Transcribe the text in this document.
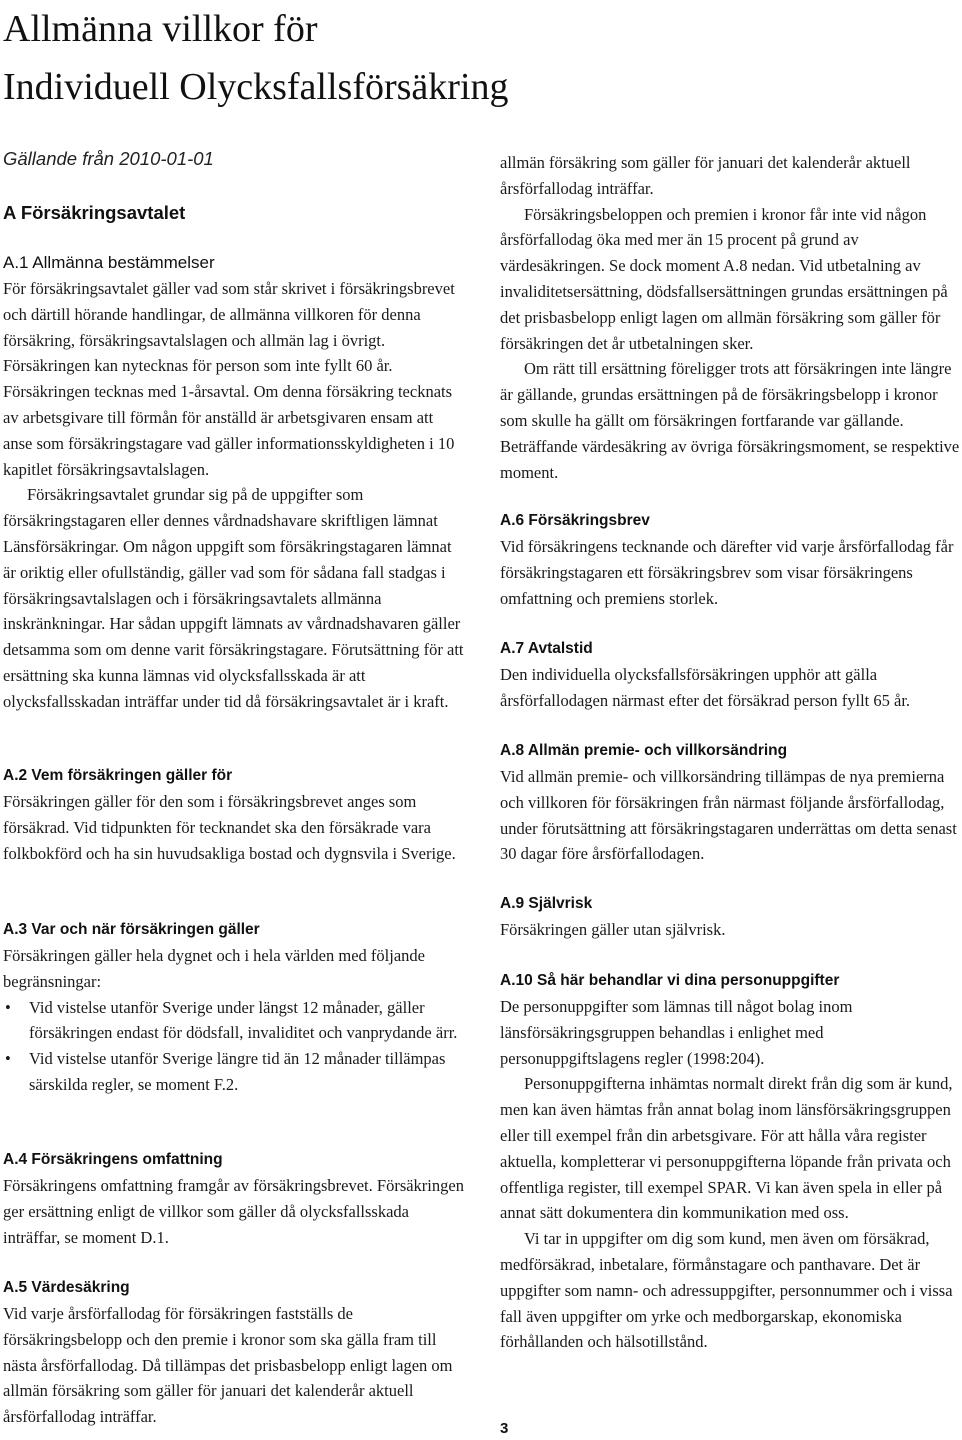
Allmänna villkor för
Individuell Olycksfallsförsäkring
Gällande från 2010-01-01
A Försäkringsavtalet
A.1 Allmänna bestämmelser

För försäkringsavtalet gäller vad som står skrivet i försäkringsbrevet och därtill hörande handlingar, de allmänna villkoren för denna försäkring, försäkringsavtalslagen och allmän lag i övrigt. Försäkringen kan nytecknas för person som inte fyllt 60 år. Försäkringen tecknas med 1-årsavtal. Om denna försäkring tecknats av arbetsgivare till förmån för anställd är arbetsgivaren ensam att anse som försäkringstagare vad gäller informationsskyldigheten i 10 kapitlet försäkringsavtalslagen.

Försäkringsavtalet grundar sig på de uppgifter som försäkringstagaren eller dennes vårdnadshavare skriftligen lämnat Länsförsäkringar. Om någon uppgift som försäkringstagaren lämnat är oriktig eller ofullständig, gäller vad som för sådana fall stadgas i försäkringsavtalslagen och i försäkringsavtalets allmänna inskränkningar. Har sådan uppgift lämnats av vårdnadshavaren gäller detsamma som om denne varit försäkringstagare. Förutsättning för att ersättning ska kunna lämnas vid olycksfallsskada är att olycksfallsskadan inträffar under tid då försäkringsavtalet är i kraft.

A.2 Vem försäkringen gäller för

Försäkringen gäller för den som i försäkringsbrevet anges som försäkrad. Vid tidpunkten för tecknandet ska den försäkrade vara folkbokförd och ha sin huvudsakliga bostad och dygnsvila i Sverige.

A.3 Var och när försäkringen gäller

Försäkringen gäller hela dygnet och i hela världen med följande begränsningar:

• Vid vistelse utanför Sverige under längst 12 månader, gäller försäkringen endast för dödsfall, invaliditet och vanprydande ärr.
• Vid vistelse utanför Sverige längre tid än 12 månader tillämpas särskilda regler, se moment F.2.
A.4 Försäkringens omfattning

Försäkringens omfattning framgår av försäkringsbrevet. Försäkringen ger ersättning enligt de villkor som gäller då olycksfallsskada inträffar, se moment D.1.

A.5 Värdesäkring

Vid varje årsförfallodag för försäkringen fastställs de försäkringsbelopp och den premie i kronor som ska gälla fram till nästa årsförfallodag. Då tillämpas det prisbasbelopp enligt lagen om allmän försäkring som gäller för januari det kalenderår aktuell årsförfallodag inträffar.

allmän försäkring som gäller för januari det kalenderår aktuell årsförfallodag inträffar.

Försäkringsbeloppen och premien i kronor får inte vid någon årsförfallodag öka med mer än 15 procent på grund av värdesäkringen. Se dock moment A.8 nedan. Vid utbetalning av invaliditetsersättning, dödsfallsersättningen grundas ersättningen på det prisbasbelopp enligt lagen om allmän försäkring som gäller för försäkringen det år utbetalningen sker.

Om rätt till ersättning föreligger trots att försäkringen inte längre är gällande, grundas ersättningen på de försäkringsbelopp i kronor som skulle ha gällt om försäkringen fortfarande var gällande. Beträffande värdesäkring av övriga försäkringsmoment, se respektive moment.

A.6 Försäkringsbrev

Vid försäkringens tecknande och därefter vid varje årsförfallodag får försäkringstagaren ett försäkringsbrev som visar försäkringens omfattning och premiens storlek.

A.7 Avtalstid

Den individuella olycksfallsförsäkringen upphör att gälla årsförfallodagen närmast efter det försäkrad person fyllt 65 år.

A.8 Allmän premie- och villkorsändring

Vid allmän premie- och villkorsändring tillämpas de nya premierna och villkoren för försäkringen från närmast följande årsförfallodag, under förutsättning att försäkringstagaren underrättas om detta senast 30 dagar före årsförfallodagen.

A.9 Självrisk

Försäkringen gäller utan självrisk.

A.10 Så här behandlar vi dina personuppgifter

De personuppgifter som lämnas till något bolag inom länsförsäkringsgruppen behandlas i enlighet med personuppgiftslagens regler (1998:204).

Personuppgifterna inhämtas normalt direkt från dig som är kund, men kan även hämtas från annat bolag inom länsförsäkringsgruppen eller till exempel från din arbetsgivare. För att hålla våra register aktuella, kompletterar vi personuppgifterna löpande från privata och offentliga register, till exempel SPAR. Vi kan även spela in eller på annat sätt dokumentera din kommunikation med oss.

Vi tar in uppgifter om dig som kund, men även om försäkrad, medförsäkrad, inbetalare, förmånstagare och panthavare. Det är uppgifter som namn- och adressuppgifter, personnummer och i vissa fall även uppgifter om yrke och medborgarskap, ekonomiska förhållanden och hälsotillstånd.

3
